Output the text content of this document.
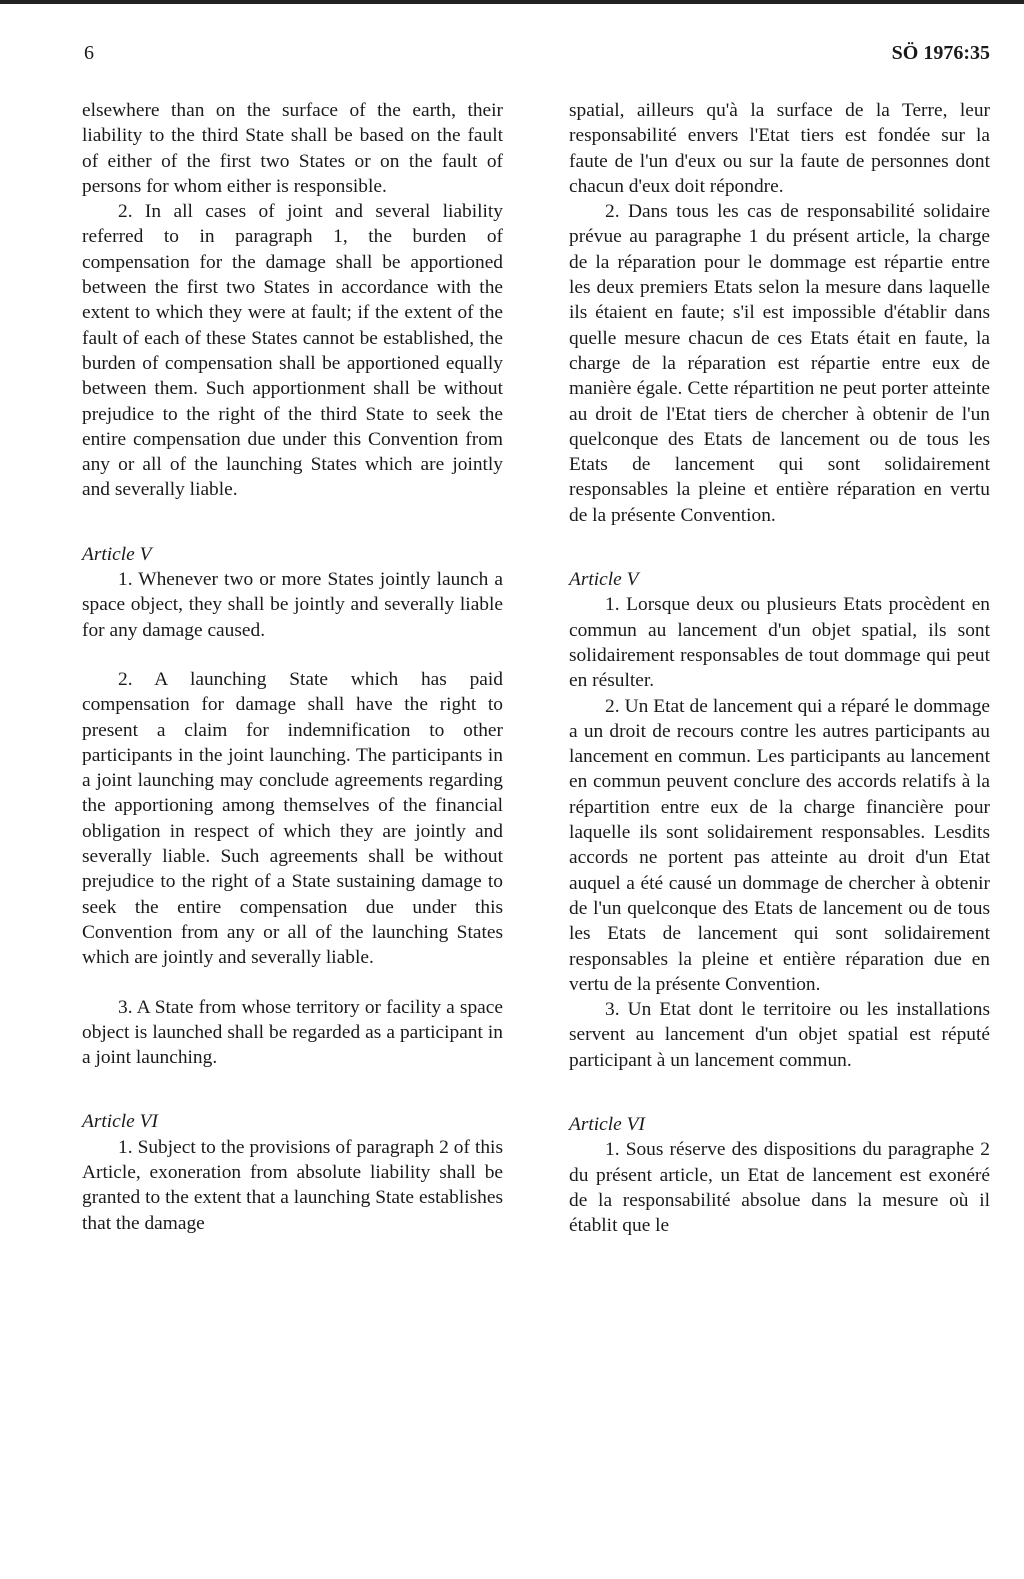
6	SÖ 1976:35

elsewhere than on the surface of the earth, their liability to the third State shall be based on the fault of either of the first two States or on the fault of persons for whom either is responsible.

2. In all cases of joint and several liability referred to in paragraph 1, the burden of compensation for the damage shall be apportioned between the first two States in accordance with the extent to which they were at fault; if the extent of the fault of each of these States cannot be established, the burden of compensation shall be apportioned equally between them. Such apportionment shall be without prejudice to the right of the third State to seek the entire compensation due under this Convention from any or all of the launching States which are jointly and severally liable.

Article V

1. Whenever two or more States jointly launch a space object, they shall be jointly and severally liable for any damage caused.

2. A launching State which has paid compensation for damage shall have the right to present a claim for indemnification to other participants in the joint launching. The participants in a joint launching may conclude agreements regarding the apportioning among themselves of the financial obligation in respect of which they are jointly and severally liable. Such agreements shall be without prejudice to the right of a State sustaining damage to seek the entire compensation due under this Convention from any or all of the launching States which are jointly and severally liable.

3. A State from whose territory or facility a space object is launched shall be regarded as a participant in a joint launching.

Article VI

1. Subject to the provisions of paragraph 2 of this Article, exoneration from absolute liability shall be granted to the extent that a launching State establishes that the damage

spatial, ailleurs qu'à la surface de la Terre, leur responsabilité envers l'Etat tiers est fondée sur la faute de l'un d'eux ou sur la faute de personnes dont chacun d'eux doit répondre.

2. Dans tous les cas de responsabilité solidaire prévue au paragraphe 1 du présent article, la charge de la réparation pour le dommage est répartie entre les deux premiers Etats selon la mesure dans laquelle ils étaient en faute; s'il est impossible d'établir dans quelle mesure chacun de ces Etats était en faute, la charge de la réparation est répartie entre eux de manière égale. Cette répartition ne peut porter atteinte au droit de l'Etat tiers de chercher à obtenir de l'un quelconque des Etats de lancement ou de tous les Etats de lancement qui sont solidairement responsables la pleine et entière réparation en vertu de la présente Convention.

Article V

1. Lorsque deux ou plusieurs Etats procèdent en commun au lancement d'un objet spatial, ils sont solidairement responsables de tout dommage qui peut en résulter.

2. Un Etat de lancement qui a réparé le dommage a un droit de recours contre les autres participants au lancement en commun. Les participants au lancement en commun peuvent conclure des accords relatifs à la répartition entre eux de la charge financière pour laquelle ils sont solidairement responsables. Lesdits accords ne portent pas atteinte au droit d'un Etat auquel a été causé un dommage de chercher à obtenir de l'un quelconque des Etats de lancement ou de tous les Etats de lancement qui sont solidairement responsables la pleine et entière réparation due en vertu de la présente Convention.

3. Un Etat dont le territoire ou les installations servent au lancement d'un objet spatial est réputé participant à un lancement commun.

Article VI

1. Sous réserve des dispositions du paragraphe 2 du présent article, un Etat de lancement est exonéré de la responsabilité absolue dans la mesure où il établit que le
